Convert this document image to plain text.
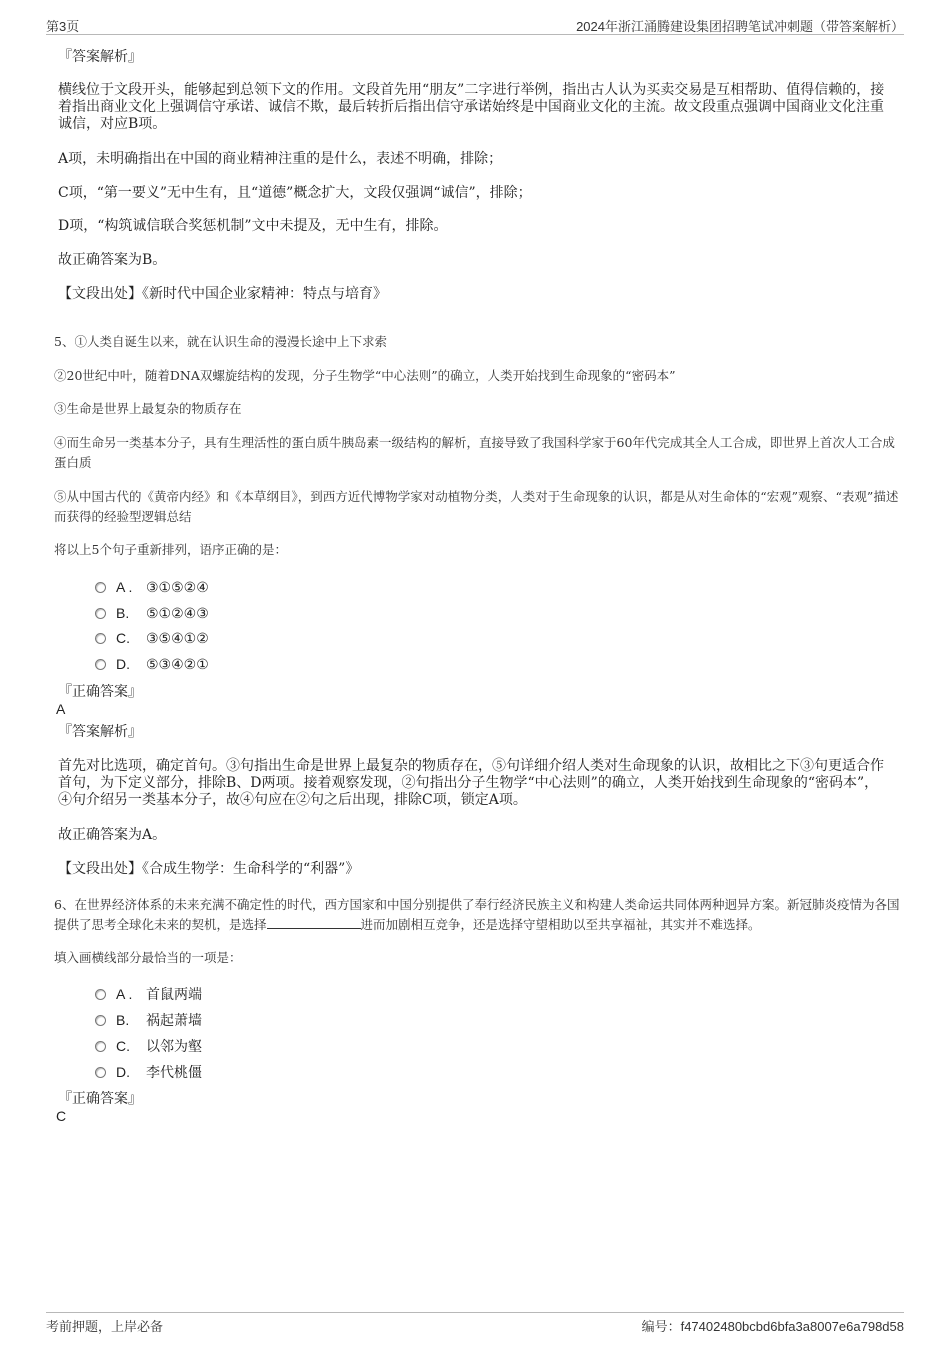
第3页	2024年浙江涌腾建设集团招聘笔试冲刺题（带答案解析）
『答案解析』
横线位于文段开头，能够起到总领下文的作用。文段首先用“朋友”二字进行举例，指出古人认为买卖交易是互相帮助、值得信赖的，接着指出商业文化上强调信守承诺、诚信不欺，最后转折后指出信守承诺始终是中国商业文化的主流。故文段重点强调中国商业文化注重诚信，对应B项。
A项，未明确指出在中国的商业精神注重的是什么，表述不明确，排除；
C项，“第一要义”无中生有，且“道德”概念扩大，文段仅强调“诚信”，排除；
D项，“构筑诚信联合奖惩机制”文中未提及，无中生有，排除。
故正确答案为B。
【文段出处】《新时代中国企业家精神：特点与培育》
5、①人类自诞生以来，就在认识生命的漫漫长途中上下求索
②20世纪中叶，随着DNA双螺旋结构的发现，分子生物学“中心法则”的确立，人类开始找到生命现象的“密码本”
③生命是世界上最复杂的物质存在
④而生命另一类基本分子，具有生理活性的蛋白质牛胰岛素一级结构的解析，直接导致了我国科学家于60年代完成其全人工合成，即世界上首次人工合成蛋白质
⑤从中国古代的《黄帝内经》和《本草纲目》，到西方近代博物学家对动植物分类，人类对于生命现象的认识，都是从对生命体的“宏观”观察、“表观”描述而获得的经验型逻辑总结
将以上5个句子重新排列，语序正确的是：
A . ③①⑤②④
B. ⑤①②④③
C. ③⑤④①②
D. ⑤③④②①
『正确答案』
A
『答案解析』
首先对比选项，确定首句。③句指出生命是世界上最复杂的物质存在，⑤句详细介绍人类对生命现象的认识，故相比之下③句更适合作首句，为下定义部分，排除B、D两项。接着观察发现，②句指出分子生物学“中心法则”的确立，人类开始找到生命现象的“密码本”，④句介绍另一类基本分子，故④句应在②句之后出现，排除C项，锁定A项。
故正确答案为A。
【文段出处】《合成生物学：生命科学的“利器”》
6、在世界经济体系的未来充满不确定性的时代，西方国家和中国分别提供了奉行经济民族主义和构建人类命运共同体两种迥异方案。新冠肺炎疫情为各国提供了思考全球化未来的契机，是选择	进而加剧相互竞争，还是选择守望相助以至共享福祉，其实并不难选择。
填入画横线部分最恰当的一项是：
A . 首鼠两端
B. 祸起萧墙
C. 以邻为壑
D. 李代桃僵
『正确答案』
C
考前押题，上岸必备	编号：f47402480bcbd6bfa3a8007e6a798d58
